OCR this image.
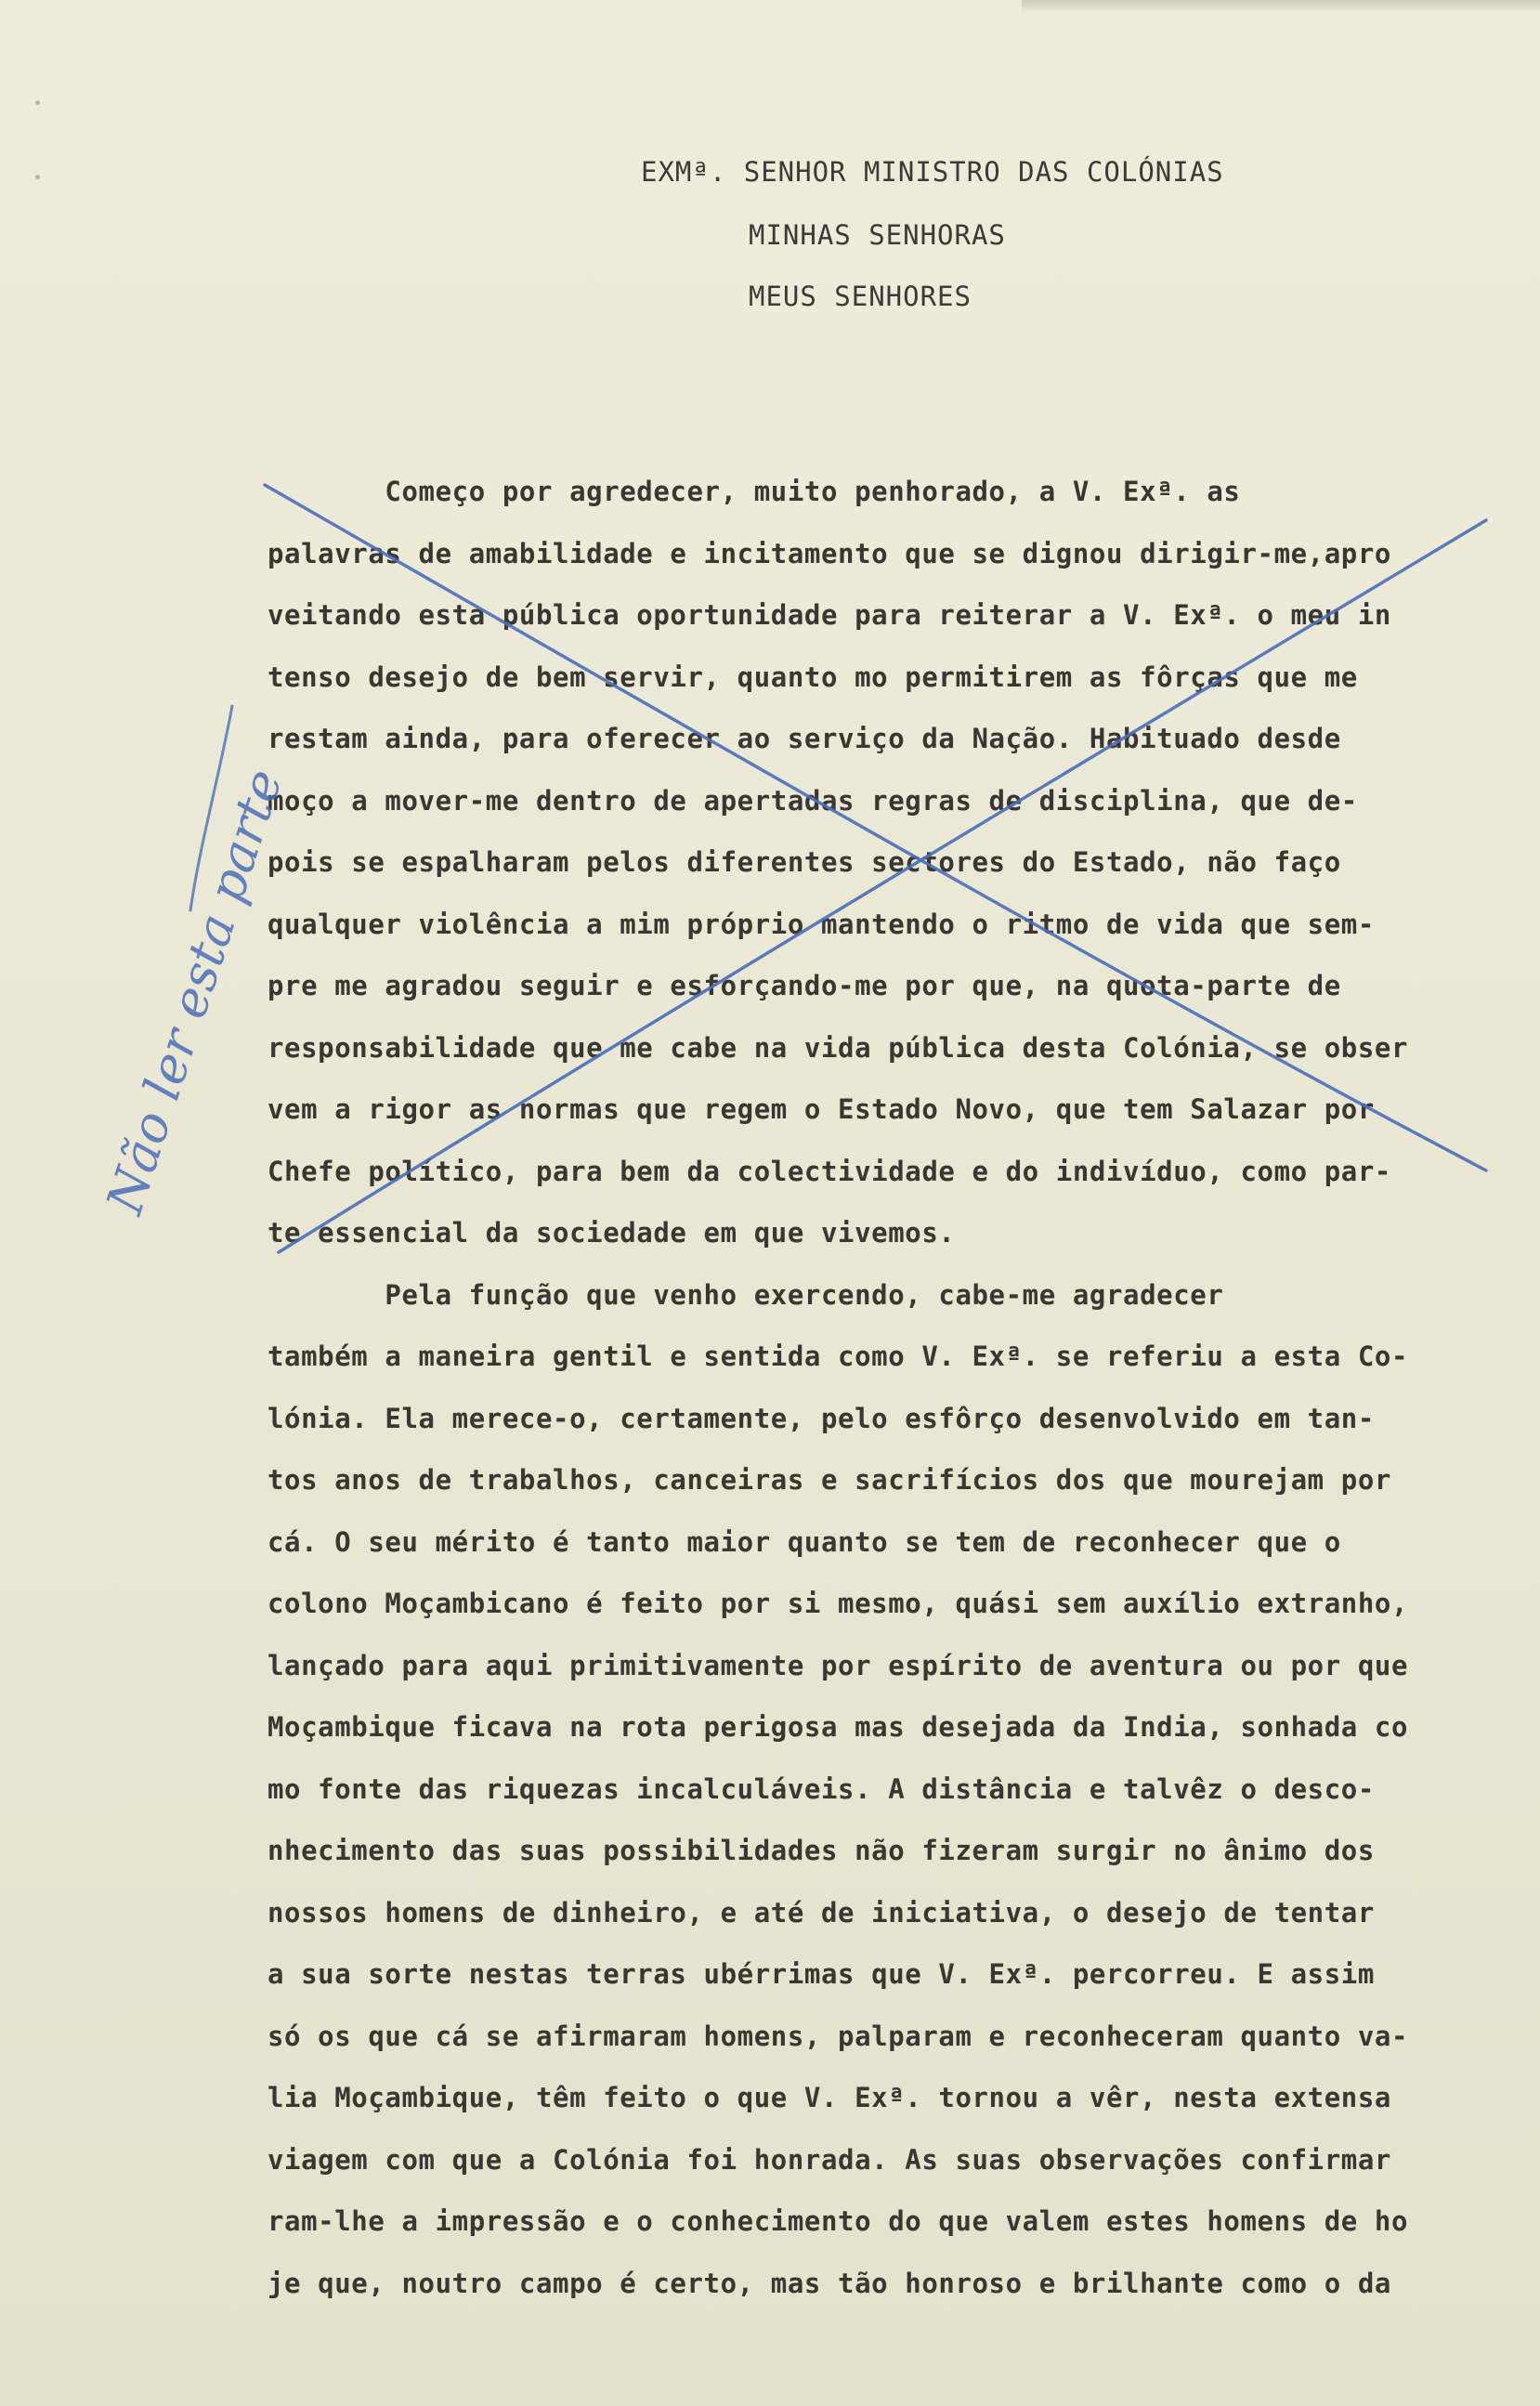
EXMª. SENHOR MINISTRO DAS COLÓNIAS
MINHAS SENHORAS
MEUS SENHORES
Começo por agredecer, muito penhorado, a V. Exª. as
palavras de amabilidade e incitamento que se dignou dirigir-me,apro
veitando esta pública oportunidade para reiterar a V. Exª. o meu in
tenso desejo de bem servir, quanto mo permitirem as fôrças que me
restam ainda, para oferecer ao serviço da Nação. Habituado desde
moço a mover-me dentro de apertadas regras de disciplina, que de-
pois se espalharam pelos diferentes sectores do Estado, não faço
qualquer violência a mim próprio mantendo o ritmo de vida que sem-
pre me agradou seguir e esforçando-me por que, na quota-parte de
responsabilidade que me cabe na vida pública desta Colónia, se obser
vem a rigor as normas que regem o Estado Novo, que tem Salazar por
Chefe político, para bem da colectividade e do indivíduo, como par-
te essencial da sociedade em que vivemos.
Pela função que venho exercendo, cabe-me agradecer
também a maneira gentil e sentida como V. Exª. se referiu a esta Co-
lónia. Ela merece-o, certamente, pelo esfôrço desenvolvido em tan-
tos anos de trabalhos, canceiras e sacrifícios dos que mourejam por
cá. O seu mérito é tanto maior quanto se tem de reconhecer que o
colono Moçambicano é feito por si mesmo, quási sem auxílio extranho,
lançado para aqui primitivamente por espírito de aventura ou por que
Moçambique ficava na rota perigosa mas desejada da India, sonhada co
mo fonte das riquezas incalculáveis. A distância e talvêz o desco-
nhecimento das suas possibilidades não fizeram surgir no ânimo dos
nossos homens de dinheiro, e até de iniciativa, o desejo de tentar
a sua sorte nestas terras ubérrimas que V. Exª. percorreu. E assim
só os que cá se afirmaram homens, palparam e reconheceram quanto va-
lia Moçambique, têm feito o que V. Exª. tornou a vêr, nesta extensa
viagem com que a Colónia foi honrada. As suas observações confirmar
ram-lhe a impressão e o conhecimento do que valem estes homens de ho
je que, noutro campo é certo, mas tão honroso e brilhante como o da
Não ler esta parte
